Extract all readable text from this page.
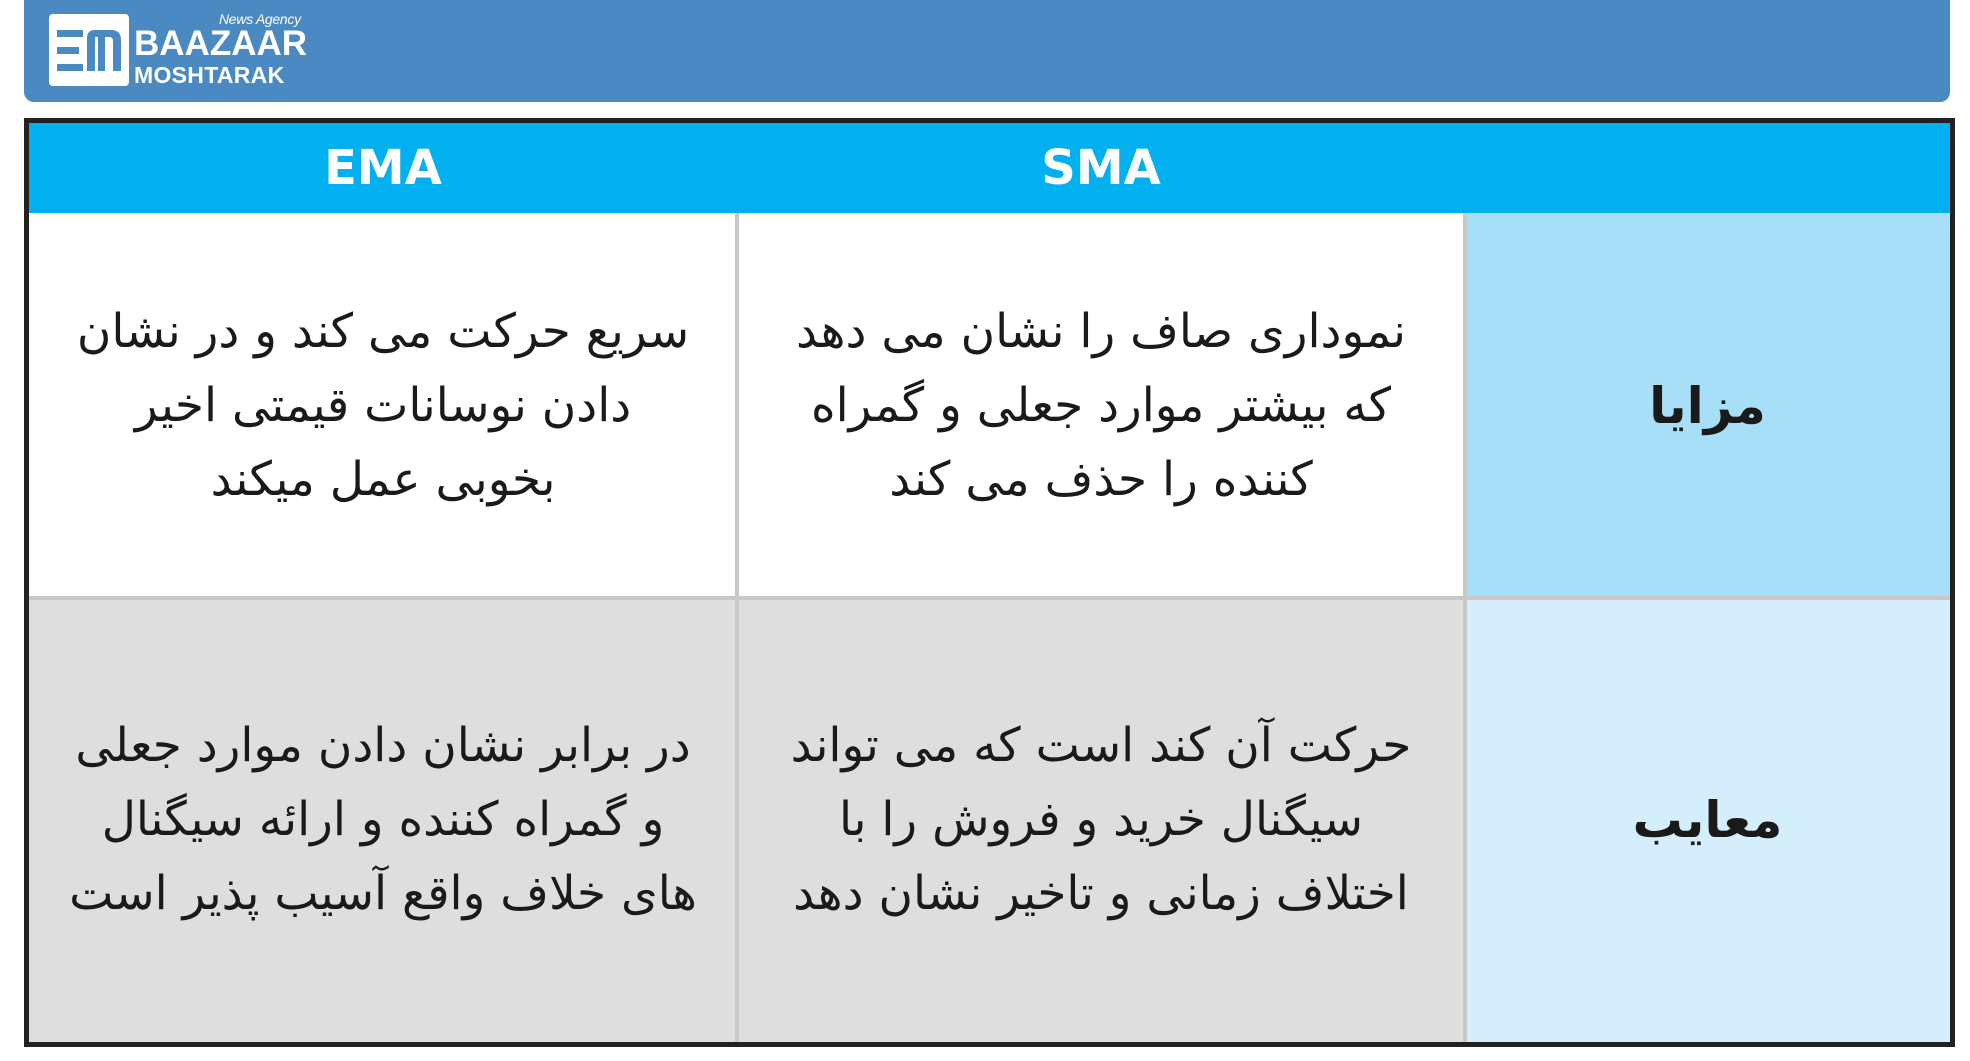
News Agency
BAAZAAR
MOSHTARAK
EMA	SMA
مزایا
نموداری صاف را نشان می دهد که بیشتر موارد جعلی و گمراه کننده را حذف می کند
سریع حرکت می کند و در نشان دادن نوسانات قیمتی اخیر بخوبی عمل میکند
معایب
حرکت آن کند است که می تواند سیگنال خرید و فروش را با اختلاف زمانی و تاخیر نشان دهد
در برابر نشان دادن موارد جعلی و گمراه کننده و ارائه سیگنال های خلاف واقع آسیب پذیر است
